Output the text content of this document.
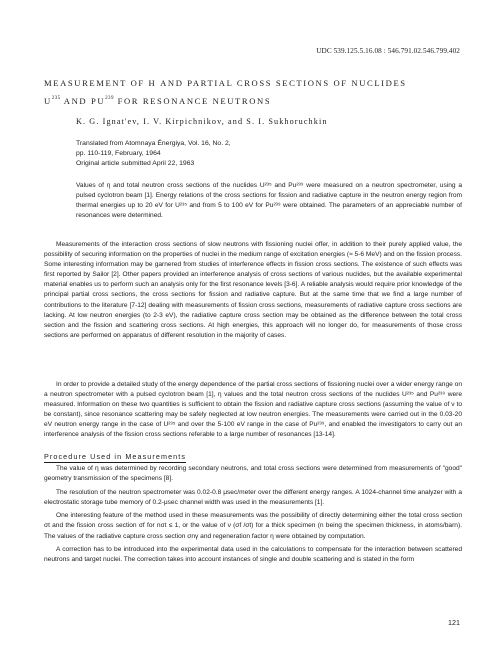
UDC 539.125.5.16.08 : 546.791.02.546.799.402
MEASUREMENT OF Η AND PARTIAL CROSS SECTIONS OF NUCLIDES
$U^{235}$ AND PU$^{239}$ FOR RESONANCE NEUTRONS
K. G. Ignat'ev, I. V. Kirpichnikov, and S. I. Sukhoruchkin
Translated from Atomnaya Énergiya, Vol. 16, No. 2,
pp. 110-119, February, 1964
Original article submitted April 22, 1963
Values of η and total neutron cross sections of the nuclides U²³⁵ and Pu²³⁹ were measured on a neutron spectrometer, using a pulsed cyclotron beam [1]. Energy relations of the cross sections for fission and radiative capture in the neutron energy region from thermal energies up to 20 eV for U²³⁵ and from 5 to 100 eV for Pu²³⁹ were obtained. The parameters of an appreciable number of resonances were determined.

Measurements of the interaction cross sections of slow neutrons with fissioning nuclei offer, in addition to their purely applied value, the possibility of securing information on the properties of nuclei in the medium range of excitation energies (≈ 5-6 MeV) and on the fission process. Some interesting information may be garnered from studies of interference effects in fission cross sections. The existence of such effects was first reported by Sailor [2]. Other papers provided an interference analysis of cross sections of various nuclides, but the available experimental material enables us to perform such an analysis only for the first resonance levels [3-6]. A reliable analysis would require prior knowledge of the principal partial cross sections, the cross sections for fission and radiative capture. But at the same time that we find a large number of contributions to the literature [7-12] dealing with measurements of fission cross sections, measurements of radiative capture cross sections are lacking. At low neutron energies (to 2-3 eV), the radiative capture cross section may be obtained as the difference between the total cross section and the fission and scattering cross sections. At high energies, this approach will no longer do, for measurements of those cross sections are performed on apparatus of different resolution in the majority of cases.

In order to provide a detailed study of the energy dependence of the partial cross sections of fissioning nuclei over a wider energy range on a neutron spectrometer with a pulsed cyclotron beam [1], η values and the total neutron cross sections of the nuclides U²³⁵ and Pu²³⁹ were measured. Information on these two quantities is sufficient to obtain the fission and radiative capture cross sections (assuming the value of ν to be constant), since resonance scattering may be safely neglected at low neutron energies. The measurements were carried out in the 0.03-20 eV neutron energy range in the case of U²³⁵ and over the 5-100 eV range in the case of Pu²³⁹, and enabled the investigators to carry out an interference analysis of the fission cross sections referable to a large number of resonances [13-14].

Procedure Used in Measurements

The value of η was determined by recording secondary neutrons, and total cross sections were determined from measurements of "good" geometry transmission of the specimens [8].

The resolution of the neutron spectrometer was 0.02-0.8 μsec/meter over the different energy ranges. A 1024-channel time analyzer with a electrostatic storage tube memory of 0.2-μsec channel width was used in the measurements [1].

One interesting feature of the method used in these measurements was the possibility of directly determining either the total cross section σt and the fission cross section σf for nσt ≤ 1, or the value of ν (σf /σt) for a thick specimen (n being the specimen thickness, in atoms/barn). The values of the radiative capture cross section σnγ and regeneration factor η were obtained by computation.

A correction has to be introduced into the experimental data used in the calculations to compensate for the interaction between scattered neutrons and target nuclei. The correction takes into account instances of single and double scattering and is stated in the form

121
